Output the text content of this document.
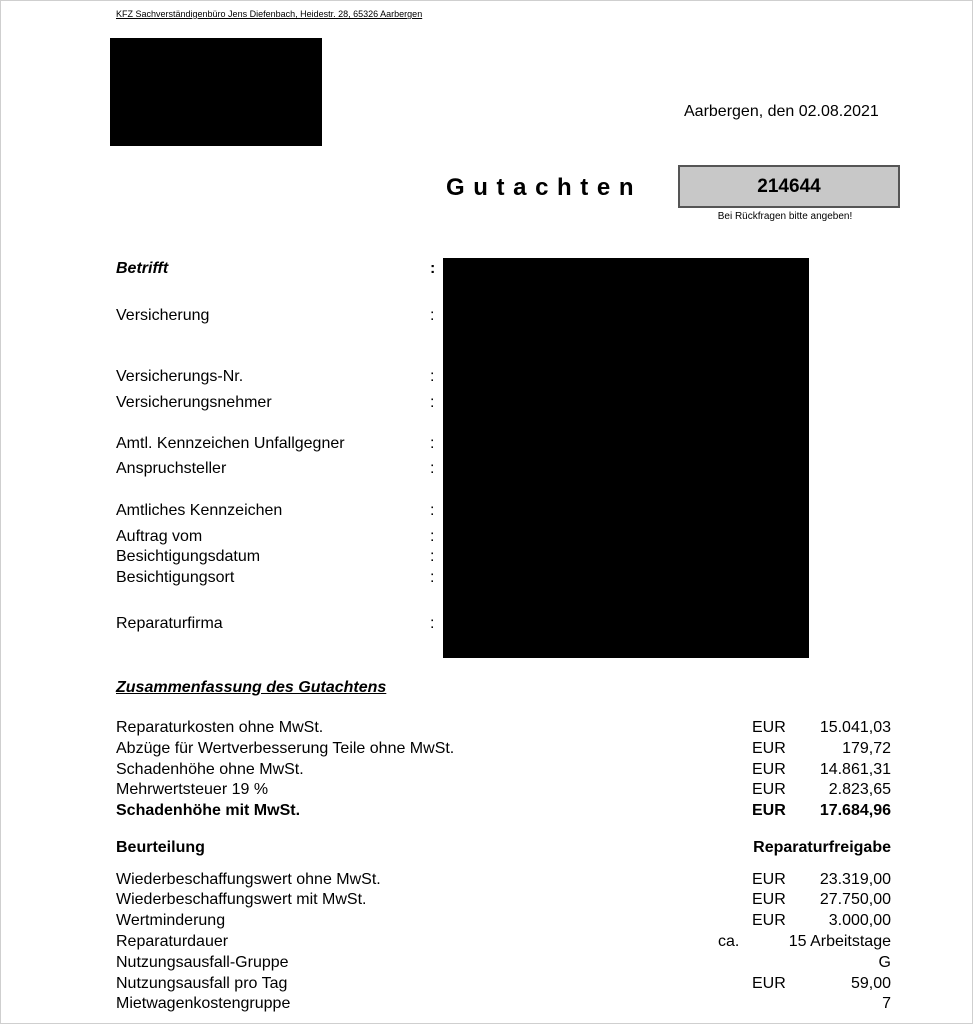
KFZ Sachverständigenbüro Jens Diefenbach, Heidestr. 28, 65326 Aarbergen
Aarbergen, den 02.08.2021
Gutachten	214644
Bei Rückfragen bitte angeben!
Betrifft	:
Versicherung	:
Versicherungs-Nr.	:
Versicherungsnehmer	:
Amtl. Kennzeichen Unfallgegner	:
Anspruchsteller	:
Amtliches Kennzeichen	:
Auftrag vom	:
Besichtigungsdatum	:
Besichtigungsort	:
Reparaturfirma	:
Zusammenfassung des Gutachtens
Reparaturkosten ohne MwSt.	EUR 15.041,03
Abzüge für Wertverbesserung Teile ohne MwSt.	EUR	179,72
Schadenhöhe ohne MwSt.	EUR 14.861,31
Mehrwertsteuer 19 %	EUR	2.823,65
Schadenhöhe mit MwSt.	EUR 17.684,96
Beurteilung	Reparaturfreigabe
Wiederbeschaffungswert ohne MwSt.	EUR 23.319,00
Wiederbeschaffungswert mit MwSt.	EUR 27.750,00
Wertminderung	EUR	3.000,00
Reparaturdauer	ca.	15 Arbeitstage
Nutzungsausfall-Gruppe	G
Nutzungsausfall pro Tag	EUR	59,00
Mietwagenkostengruppe	7
